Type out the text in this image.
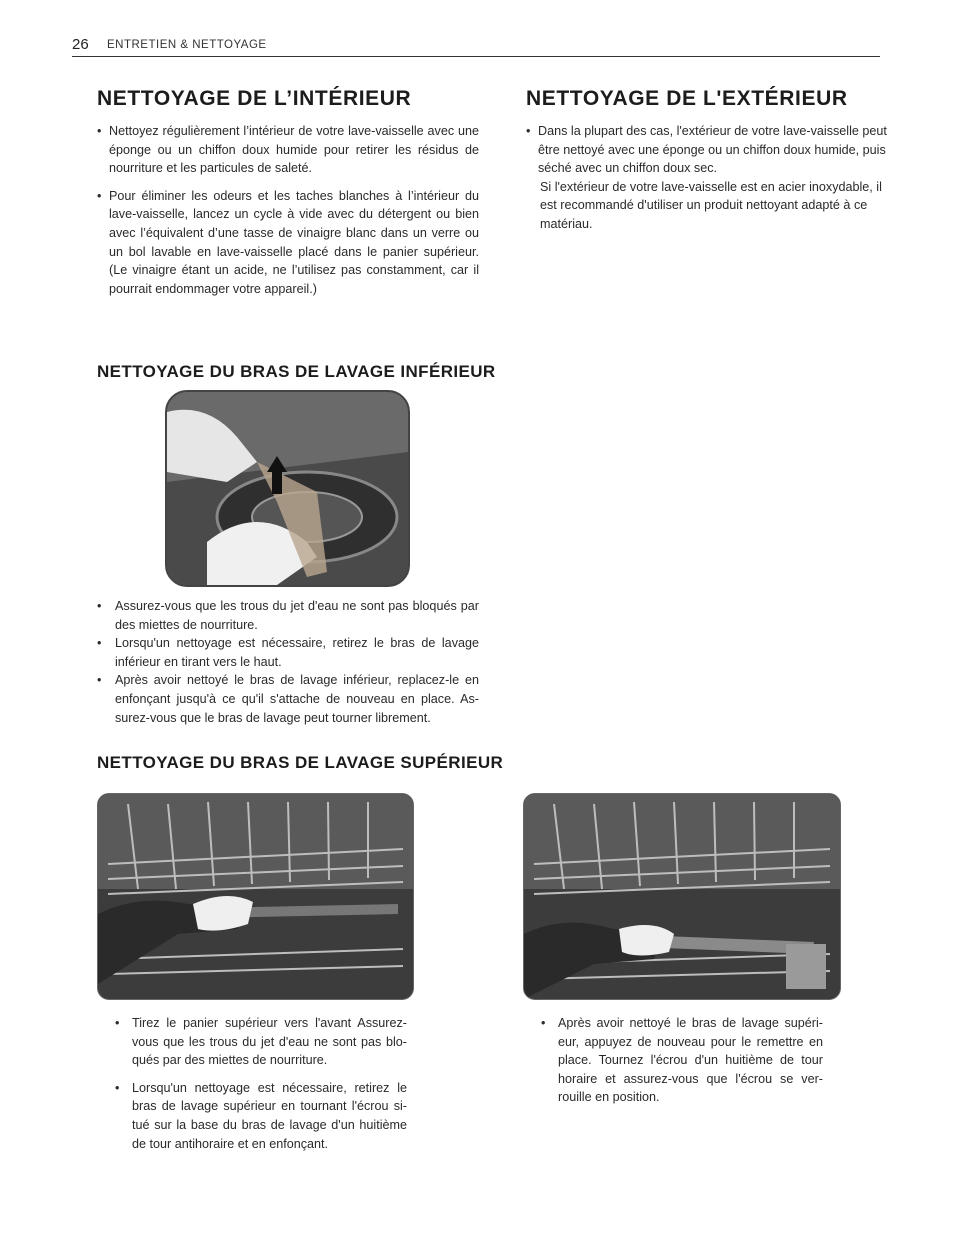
26 ENTRETIEN & NETTOYAGE
NETTOYAGE DE L’INTÉRIEUR
• Nettoyez régulièrement l’intérieur de votre lave-vaisselle avec une éponge ou un chiffon doux humide pour retirer les résidus de nourriture et les particules de saleté.
• Pour éliminer les odeurs et les taches blanches à l’intérieur du lave-vaisselle, lancez un cycle à vide avec du détergent ou bien avec l’équivalent d’une tasse de vinaigre blanc dans un verre ou un bol lavable en lave-vaisselle placé dans le panier supérieur. (Le vinaigre étant un acide, ne l’utilisez pas constamment, car il pourrait endommager votre appareil.)
NETTOYAGE DE L'EXTÉRIEUR
• Dans la plupart des cas, l'extérieur de votre lave-vaisselle peut être nettoyé avec une éponge ou un chiffon doux humide, puis séché avec un chiffon doux sec.
Si l'extérieur de votre lave-vaisselle est en acier inoxydable, il est recommandé d'utiliser un produit nettoyant adapté à ce matériau.
NETTOYAGE DU BRAS DE LAVAGE INFÉRIEUR
• Assurez-vous que les trous du jet d'eau ne sont pas bloqués par des miettes de nourriture.
• Lorsqu'un nettoyage est nécessaire, retirez le bras de lavage inférieur en tirant vers le haut.
• Après avoir nettoyé le bras de lavage inférieur, replacez-le en enfonçant jusqu'à ce qu'il s'attache de nouveau en place. As-surez-vous que le bras de lavage peut tourner librement.
NETTOYAGE DU BRAS DE LAVAGE SUPÉRIEUR
• Tirez le panier supérieur vers l'avant Assurez-vous que les trous du jet d'eau ne sont pas blo-qués par des miettes de nourriture.
• Lorsqu'un nettoyage est nécessaire, retirez le bras de lavage supérieur en tournant l'écrou si-tué sur la base du bras de lavage d'un huitième de tour antihoraire et en enfonçant.
• Après avoir nettoyé le bras de lavage supéri-eur, appuyez de nouveau pour le remettre en place. Tournez l'écrou d'un huitième de tour horaire et assurez-vous que l'écrou se ver-rouille en position.
